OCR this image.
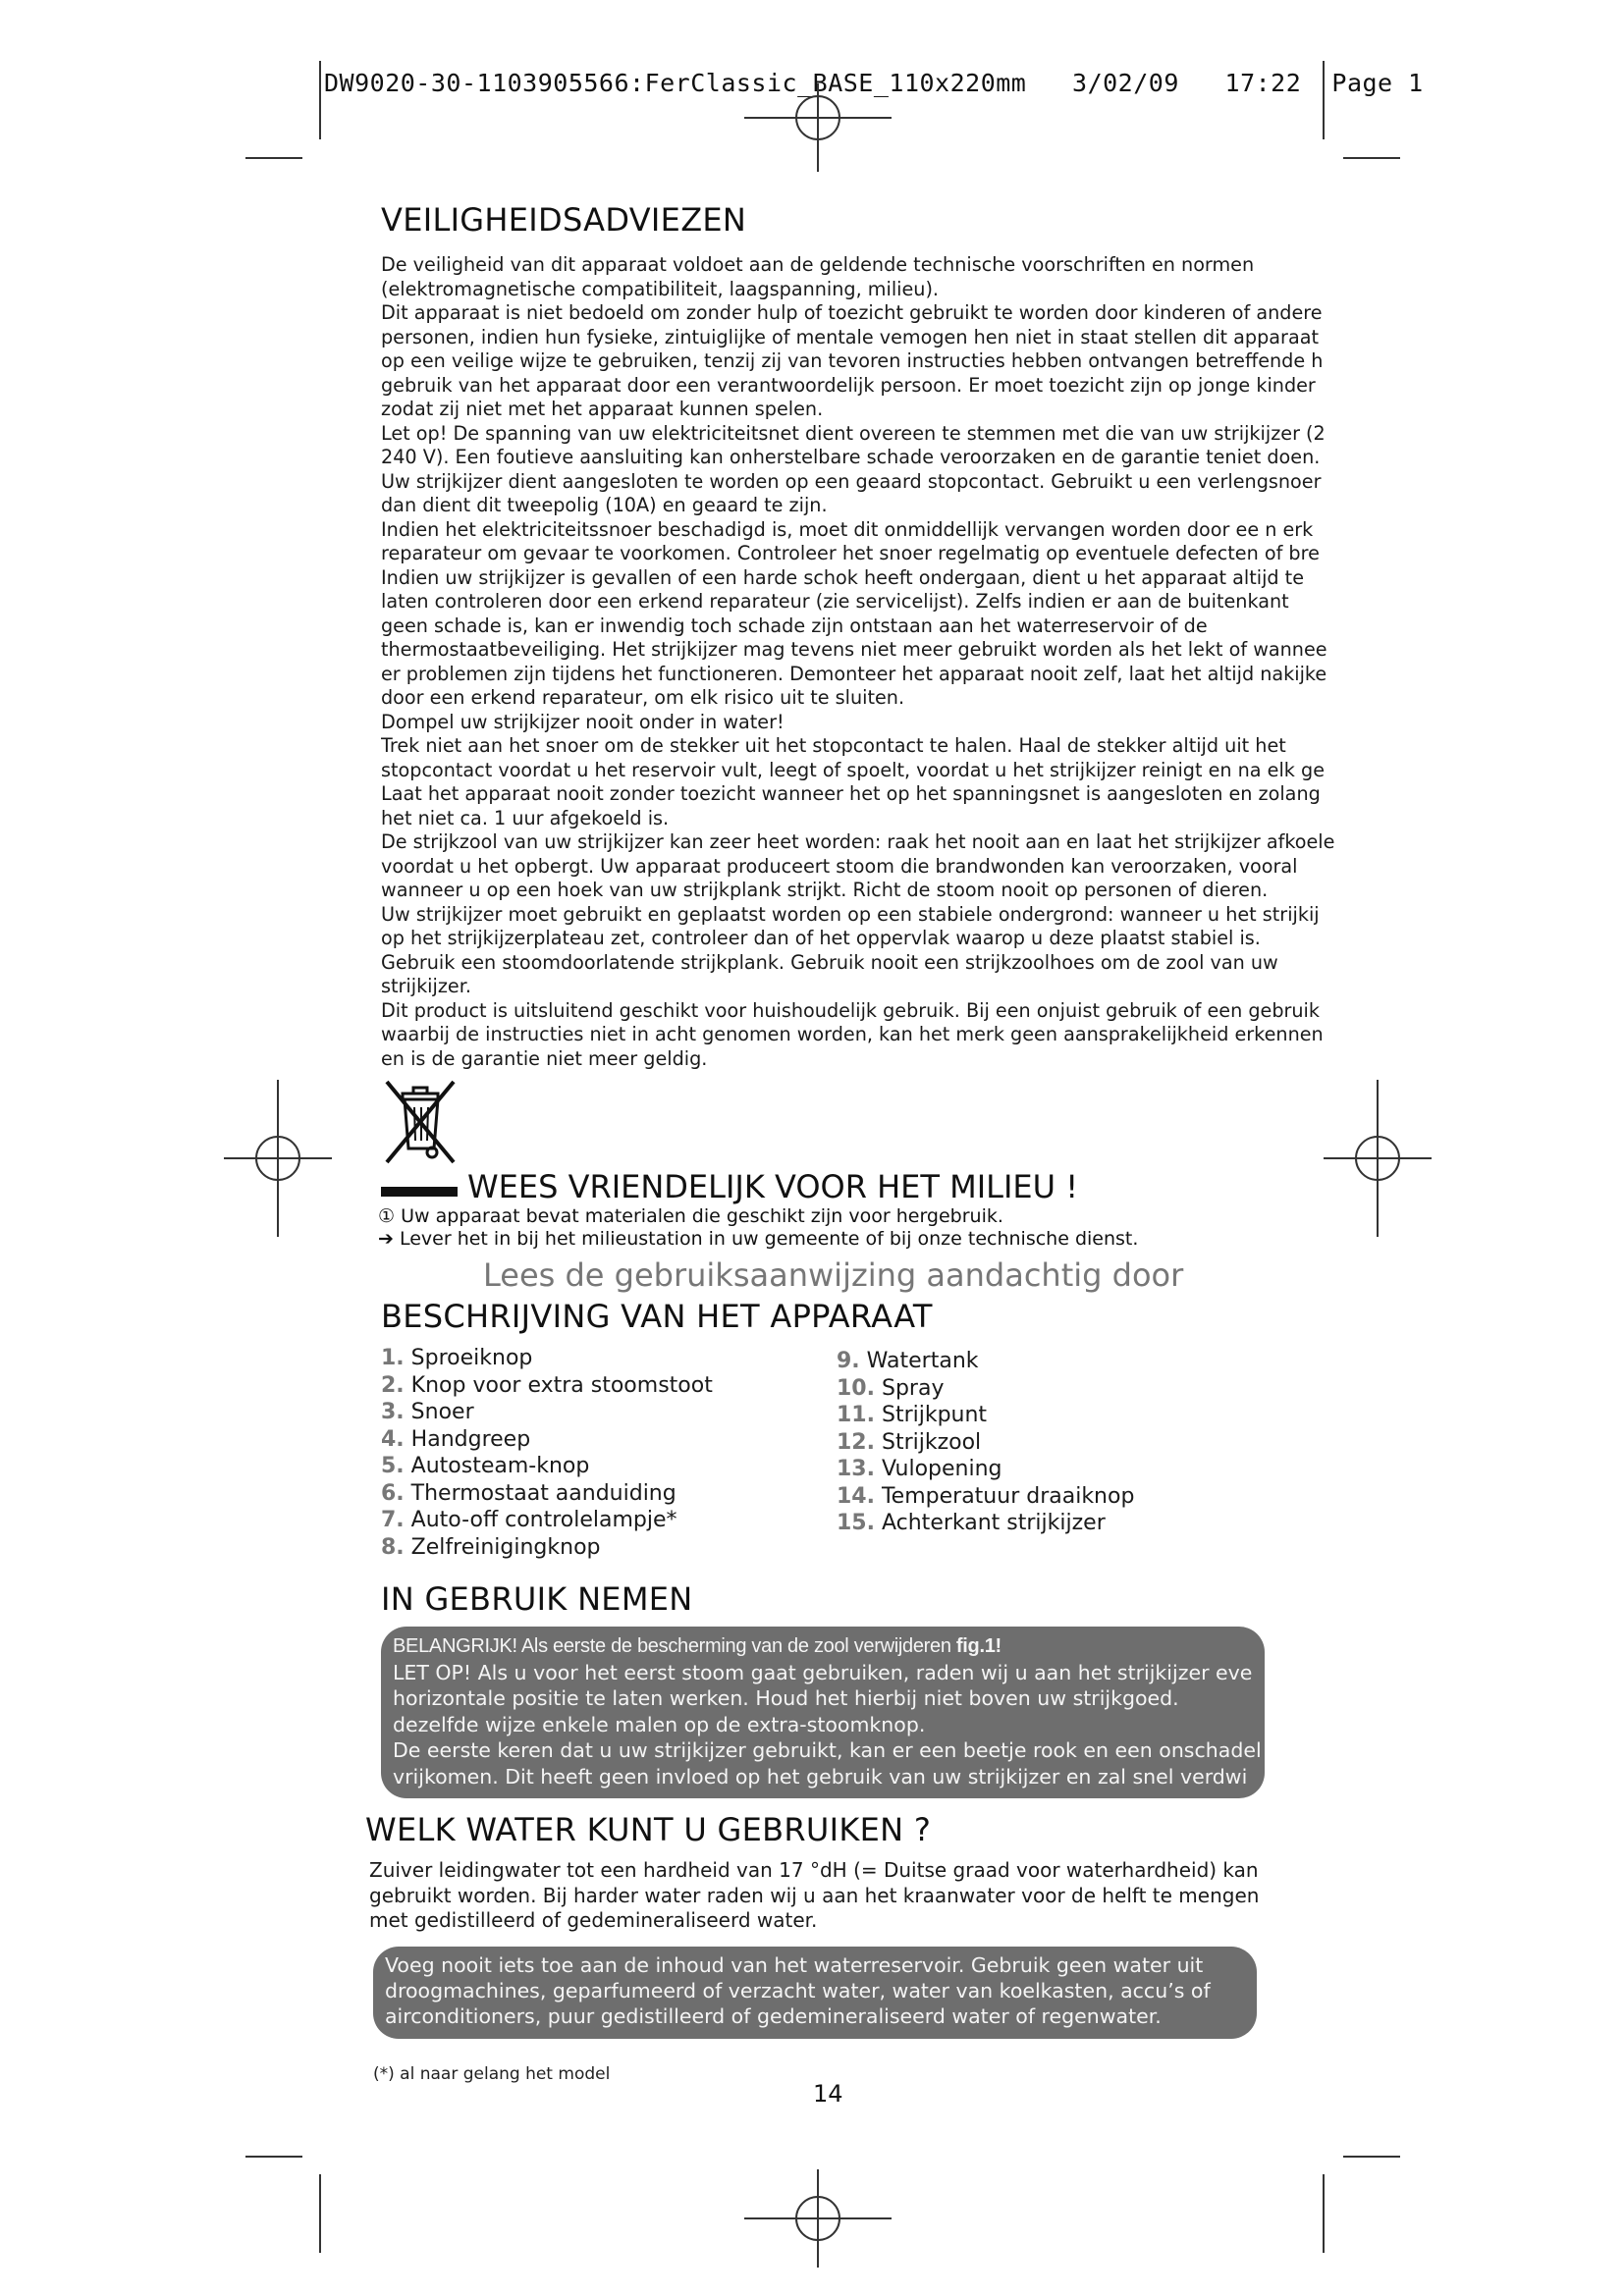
DW9020-30-1103905566:FerClassic_BASE_110x220mm 3/02/09 17:22 Page 1
VEILIGHEIDSADVIEZEN

De veiligheid van dit apparaat voldoet aan de geldende technische voorschriften en normen

(elektromagnetische compatibiliteit, laagspanning, milieu).

Dit apparaat is niet bedoeld om zonder hulp of toezicht gebruikt te worden door kinderen of andere

personen, indien hun fysieke, zintuiglijke of mentale vemogen hen niet in staat stellen dit apparaat

op een veilige wijze te gebruiken, tenzij zij van tevoren instructies hebben ontvangen betreffende h

gebruik van het apparaat door een verantwoordelijk persoon. Er moet toezicht zijn op jonge kinder

zodat zij niet met het apparaat kunnen spelen.

Let op! De spanning van uw elektriciteitsnet dient overeen te stemmen met die van uw strijkijzer (2

240 V). Een foutieve aansluiting kan onherstelbare schade veroorzaken en de garantie teniet doen.

Uw strijkijzer dient aangesloten te worden op een geaard stopcontact. Gebruikt u een verlengsnoer

dan dient dit tweepolig (10A) en geaard te zijn.

Indien het elektriciteitssnoer beschadigd is, moet dit onmiddellijk vervangen worden door ee n erk

reparateur om gevaar te voorkomen. Controleer het snoer regelmatig op eventuele defecten of bre

Indien uw strijkijzer is gevallen of een harde schok heeft ondergaan, dient u het apparaat altijd te

laten controleren door een erkend reparateur (zie servicelijst). Zelfs indien er aan de buitenkant

geen schade is, kan er inwendig toch schade zijn ontstaan aan het waterreservoir of de

thermostaatbeveiliging. Het strijkijzer mag tevens niet meer gebruikt worden als het lekt of wannee

er problemen zijn tijdens het functioneren. Demonteer het apparaat nooit zelf, laat het altijd nakijke

door een erkend reparateur, om elk risico uit te sluiten.

Dompel uw strijkijzer nooit onder in water!

Trek niet aan het snoer om de stekker uit het stopcontact te halen. Haal de stekker altijd uit het

stopcontact voordat u het reservoir vult, leegt of spoelt, voordat u het strijkijzer reinigt en na elk ge

Laat het apparaat nooit zonder toezicht wanneer het op het spanningsnet is aangesloten en zolang

het niet ca. 1 uur afgekoeld is.

De strijkzool van uw strijkijzer kan zeer heet worden: raak het nooit aan en laat het strijkijzer afkoele

voordat u het opbergt. Uw apparaat produceert stoom die brandwonden kan veroorzaken, vooral

wanneer u op een hoek van uw strijkplank strijkt. Richt de stoom nooit op personen of dieren.

Uw strijkijzer moet gebruikt en geplaatst worden op een stabiele ondergrond: wanneer u het strijkij

op het strijkijzerplateau zet, controleer dan of het oppervlak waarop u deze plaatst stabiel is.

Gebruik een stoomdoorlatende strijkplank. Gebruik nooit een strijkzoolhoes om de zool van uw

strijkijzer.

Dit product is uitsluitend geschikt voor huishoudelijk gebruik. Bij een onjuist gebruik of een gebruik

waarbij de instructies niet in acht genomen worden, kan het merk geen aansprakelijkheid erkennen

en is de garantie niet meer geldig.

WEES VRIENDELIJK VOOR HET MILIEU !
① Uw apparaat bevat materialen die geschikt zijn voor hergebruik.
➔ Lever het in bij het milieustation in uw gemeente of bij onze technische dienst.
Lees de gebruiksaanwijzing aandachtig door
BESCHRIJVING VAN HET APPARAAT
1. Sproeiknop
2. Knop voor extra stoomstoot
3. Snoer
4. Handgreep
5. Autosteam-knop
6. Thermostaat aanduiding
7. Auto-off controlelampje*
8. Zelfreinigingknop
9. Watertank
10. Spray
11. Strijkpunt
12. Strijkzool
13. Vulopening
14. Temperatuur draaiknop
15. Achterkant strijkijzer
IN GEBRUIK NEMEN

BELANGRIJK! Als eerste de bescherming van de zool verwijderen fig.1!

LET OP! Als u voor het eerst stoom gaat gebruiken, raden wij u aan het strijkijzer eve

horizontale positie te laten werken. Houd het hierbij niet boven uw strijkgoed.

dezelfde wijze enkele malen op de extra-stoomknop.

De eerste keren dat u uw strijkijzer gebruikt, kan er een beetje rook en een onschadel

vrijkomen. Dit heeft geen invloed op het gebruik van uw strijkijzer en zal snel verdwi

WELK WATER KUNT U GEBRUIKEN ?

Zuiver leidingwater tot een hardheid van 17 °dH (= Duitse graad voor waterhardheid) kan

gebruikt worden. Bij harder water raden wij u aan het kraanwater voor de helft te mengen

met gedistilleerd of gedemineraliseerd water.

Voeg nooit iets toe aan de inhoud van het waterreservoir. Gebruik geen water uit

droogmachines, geparfumeerd of verzacht water, water van koelkasten, accu’s of

airconditioners, puur gedistilleerd of gedemineraliseerd water of regenwater.

(*) al naar gelang het model
14
